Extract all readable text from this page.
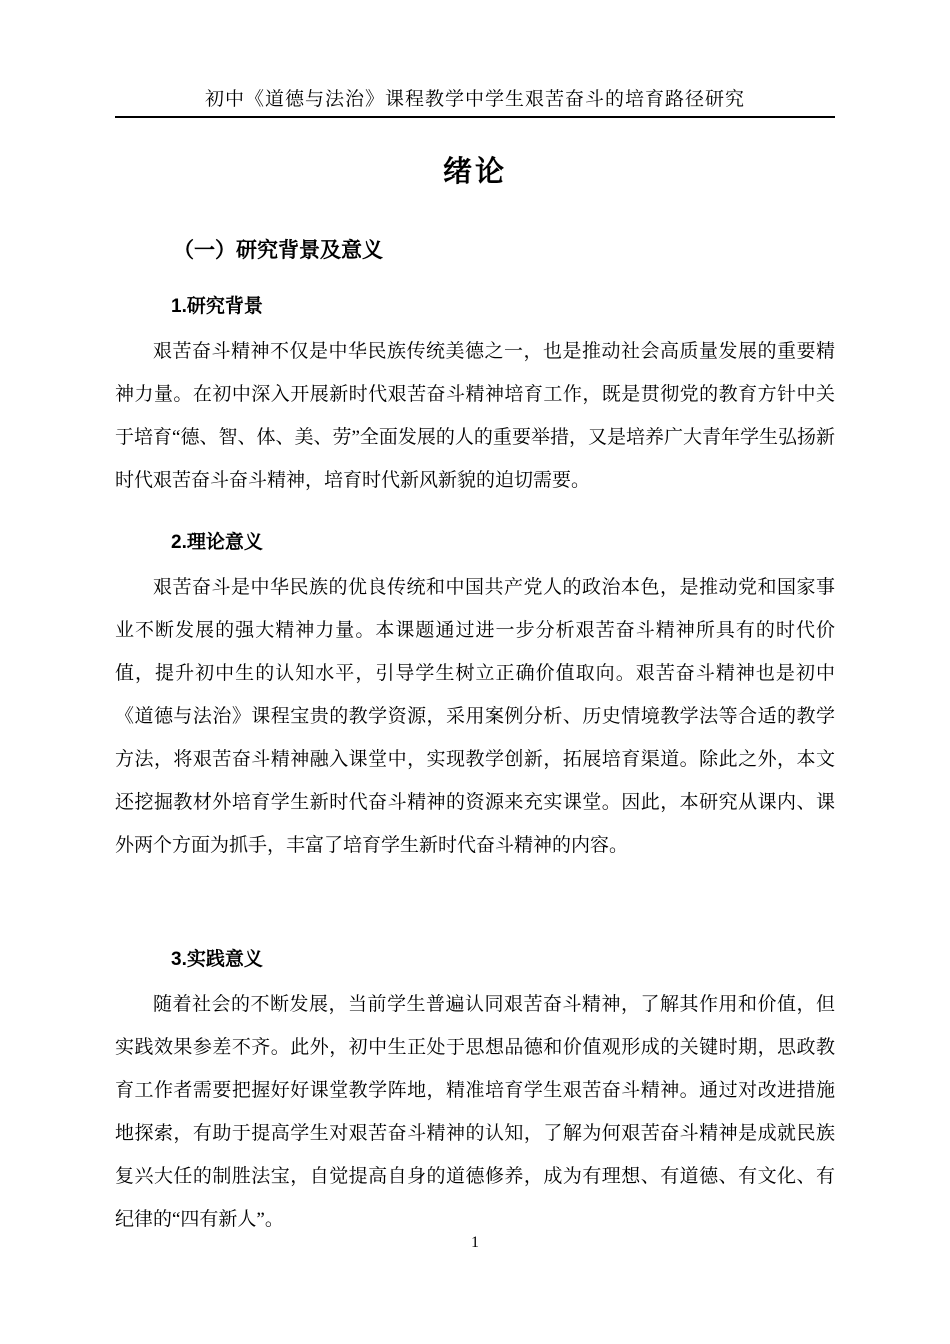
初中《道德与法治》课程教学中学生艰苦奋斗的培育路径研究
绪论
（一）研究背景及意义
1.研究背景

艰苦奋斗精神不仅是中华民族传统美德之一，也是推动社会高质量发展的重要精神力量。在初中深入开展新时代艰苦奋斗精神培育工作，既是贯彻党的教育方针中关于培育“德、智、体、美、劳”全面发展的人的重要举措，又是培养广大青年学生弘扬新时代艰苦奋斗奋斗精神，培育时代新风新貌的迫切需要。

2.理论意义

艰苦奋斗是中华民族的优良传统和中国共产党人的政治本色，是推动党和国家事业不断发展的强大精神力量。本课题通过进一步分析艰苦奋斗精神所具有的时代价值，提升初中生的认知水平，引导学生树立正确价值取向。艰苦奋斗精神也是初中《道德与法治》课程宝贵的教学资源，采用案例分析、历史情境教学法等合适的教学方法，将艰苦奋斗精神融入课堂中，实现教学创新，拓展培育渠道。除此之外，本文还挖掘教材外培育学生新时代奋斗精神的资源来充实课堂。因此，本研究从课内、课外两个方面为抓手，丰富了培育学生新时代奋斗精神的内容。

3.实践意义

随着社会的不断发展，当前学生普遍认同艰苦奋斗精神，了解其作用和价值，但实践效果参差不齐。此外，初中生正处于思想品德和价值观形成的关键时期，思政教育工作者需要把握好好课堂教学阵地，精准培育学生艰苦奋斗精神。通过对改进措施地探索，有助于提高学生对艰苦奋斗精神的认知，了解为何艰苦奋斗精神是成就民族复兴大任的制胜法宝，自觉提高自身的道德修养，成为有理想、有道德、有文化、有纪律的“四有新人”。

1
